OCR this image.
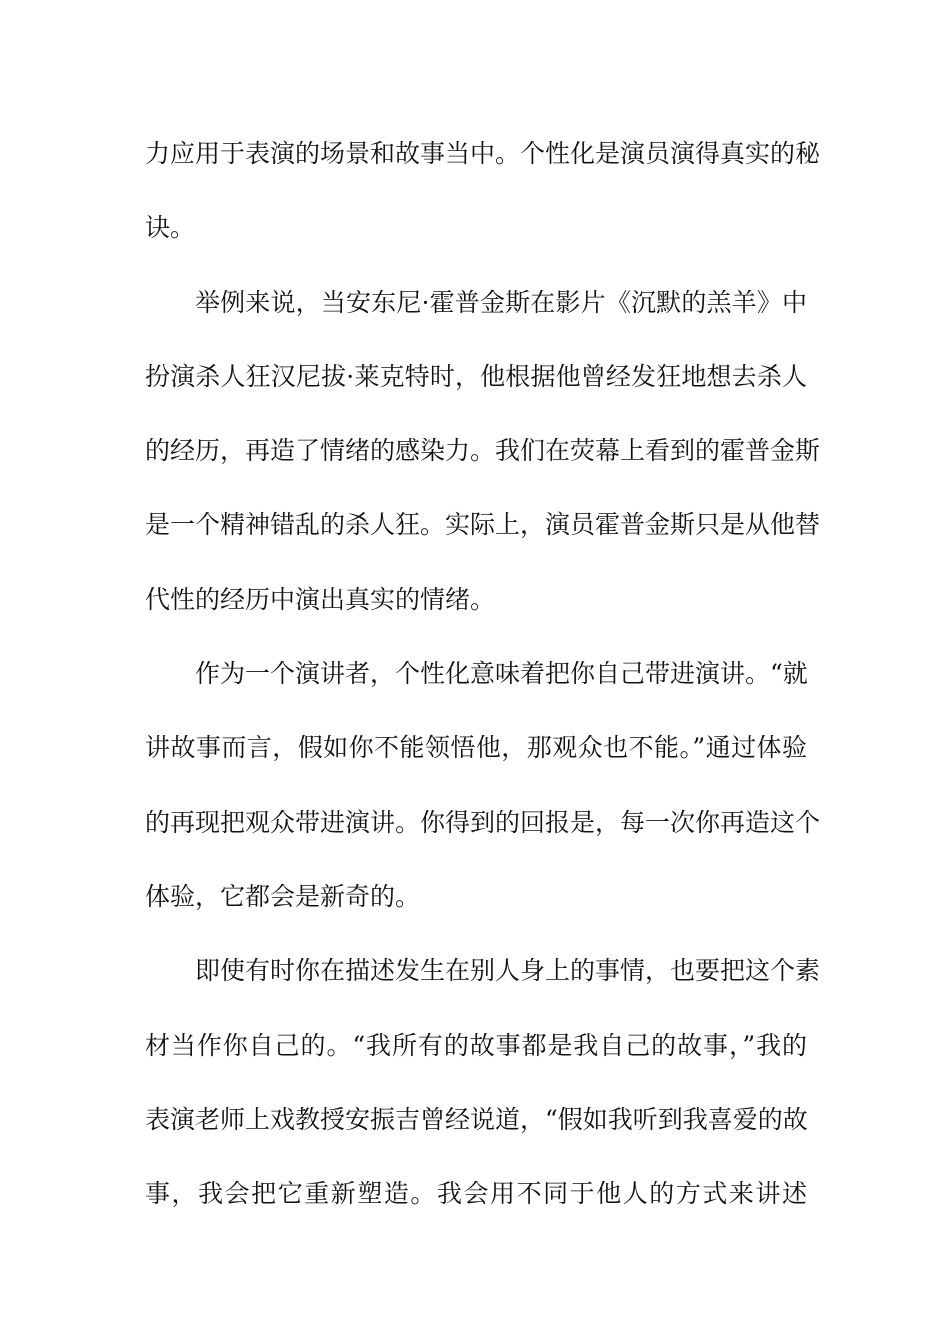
力应用于表演的场景和故事当中。个性化是演员演得真实的秘
诀。
举例来说，当安东尼·霍普金斯在影片《沉默的羔羊》中
扮演杀人狂汉尼拔·莱克特时，他根据他曾经发狂地想去杀人
的经历，再造了情绪的感染力。我们在荧幕上看到的霍普金斯
是一个精神错乱的杀人狂。实际上，演员霍普金斯只是从他替
代性的经历中演出真实的情绪。
作为一个演讲者，个性化意味着把你自己带进演讲。“就
讲故事而言，假如你不能领悟他，那观众也不能。”通过体验
的再现把观众带进演讲。你得到的回报是，每一次你再造这个
体验，它都会是新奇的。
即使有时你在描述发生在别人身上的事情，也要把这个素
材当作你自己的。“我所有的故事都是我自己的故事，”我的
表演老师上戏教授安振吉曾经说道，“假如我听到我喜爱的故
事，我会把它重新塑造。我会用不同于他人的方式来讲述
